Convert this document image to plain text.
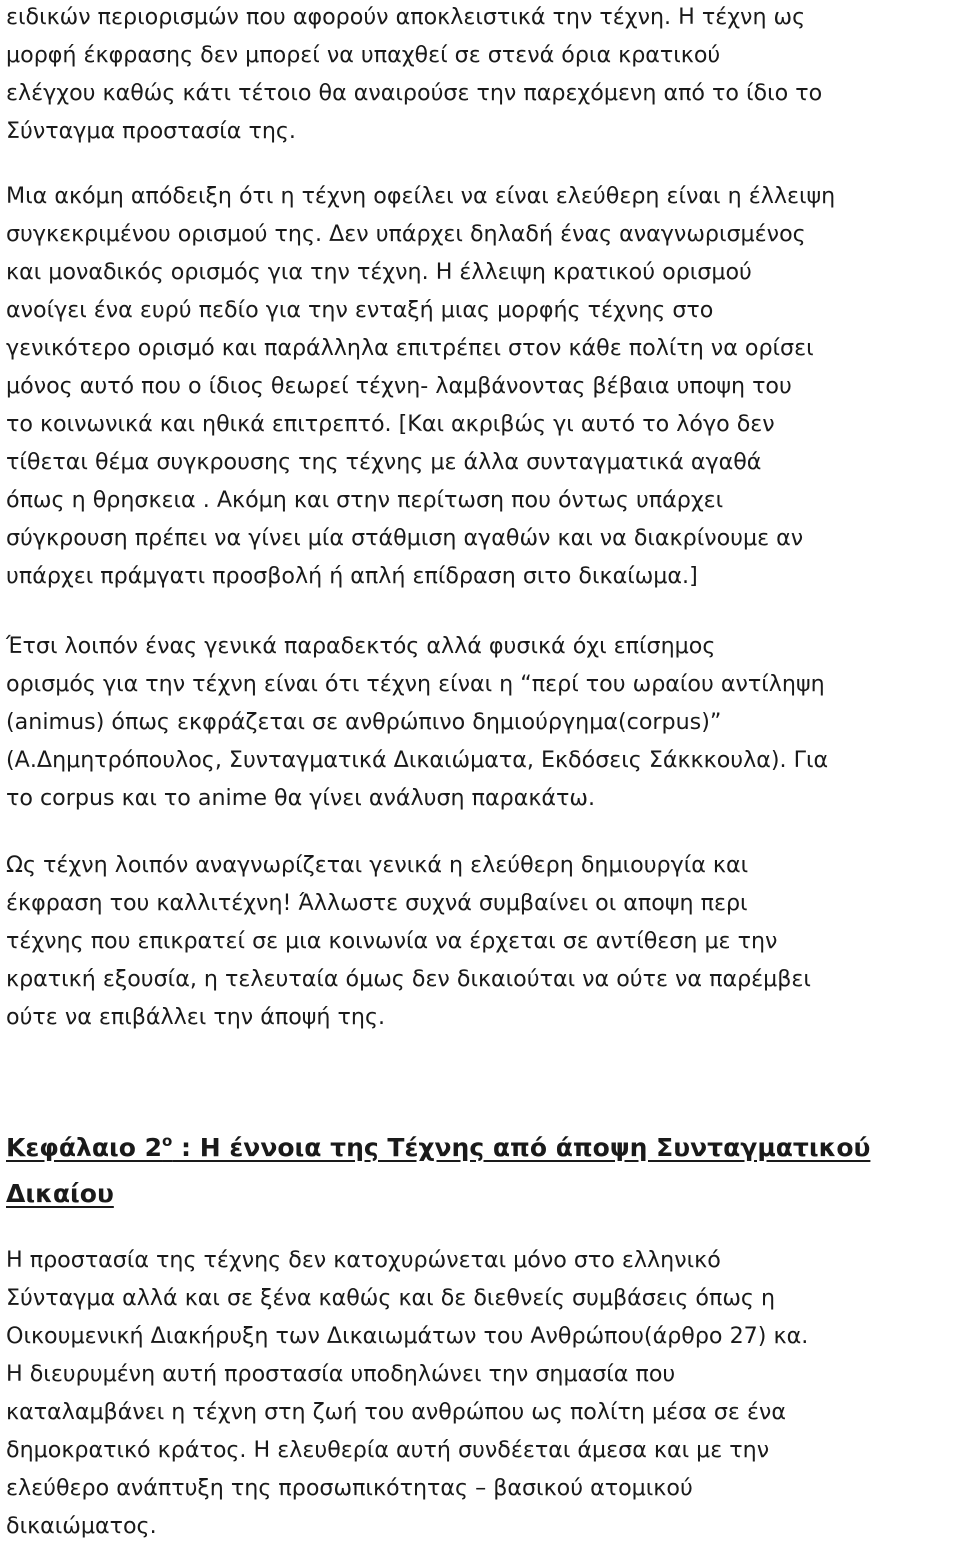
ειδικών περιορισμών που αφορούν αποκλειστικά την τέχνη. Η τέχνη ως

μορφή έκφρασης δεν μπορεί να υπαχθεί σε στενά όρια κρατικού

ελέγχου καθώς κάτι τέτοιο θα αναιρούσε την παρεχόμενη από το ίδιο το

Σύνταγμα προστασία της.

Μια ακόμη απόδειξη ότι η τέχνη οφείλει να είναι ελεύθερη είναι η έλλειψη

συγκεκριμένου ορισμού της. Δεν υπάρχει δηλαδή ένας αναγνωρισμένος

και μοναδικός ορισμός για την τέχνη. Η έλλειψη κρατικού ορισμού

ανοίγει ένα ευρύ πεδίο για την ενταξή μιας μορφής τέχνης στο

γενικότερο ορισμό και παράλληλα επιτρέπει στον κάθε πολίτη να ορίσει

μόνος αυτό που ο ίδιος θεωρεί τέχνη- λαμβάνοντας βέβαια υποψη του

το κοινωνικά και ηθικά επιτρεπτό. [Και ακριβώς γι αυτό το λόγο δεν

τίθεται θέμα συγκρουσης της τέχνης με άλλα συνταγματικά αγαθά

όπως η θρησκεια . Ακόμη και στην περίτωση που όντως υπάρχει

σύγκρουση πρέπει να γίνει μία στάθμιση αγαθών και να διακρίνουμε αν

υπάρχει πράμγατι προσβολή ή απλή επίδραση σιτο δικαίωμα.]

Έτσι λοιπόν ένας γενικά παραδεκτός αλλά φυσικά όχι επίσημος

ορισμός για την τέχνη είναι ότι τέχνη είναι η “περί του ωραίου αντίληψη

(animus) όπως εκφράζεται σε ανθρώπινο δημιούργημα(corpus)”

(Α.Δημητρόπουλος, Συνταγματικά Δικαιώματα, Εκδόσεις Σάκκκουλα). Για

το corpus και το anime θα γίνει ανάλυση παρακάτω.

Ως τέχνη λοιπόν αναγνωρίζεται γενικά η ελεύθερη δημιουργία και

έκφραση του καλλιτέχνη! Άλλωστε συχνά συμβαίνει οι αποψη περι

τέχνης που επικρατεί σε μια κοινωνία να έρχεται σε αντίθεση με την

κρατική εξουσία, η τελευταία όμως δεν δικαιούται να ούτε να παρέμβει

ούτε να επιβάλλει την άποψή της.

Κεφάλαιο $2^o$ : Η έννοια της Τέχνης από άποψη Συνταγματικού

Δικαίου

Η προστασία της τέχνης δεν κατοχυρώνεται μόνο στο ελληνικό

Σύνταγμα αλλά και σε ξένα καθώς και δε διεθνείς συμβάσεις όπως η

Οικουμενική Διακήρυξη των Δικαιωμάτων του Ανθρώπου(άρθρο 27) κα.

Η διευρυμένη αυτή προστασία υποδηλώνει την σημασία που

καταλαμβάνει η τέχνη στη ζωή του ανθρώπου ως πολίτη μέσα σε ένα

δημοκρατικό κράτος. Η ελευθερία αυτή συνδέεται άμεσα και με την

ελεύθερο ανάπτυξη της προσωπικότητας – βασικού ατομικού

δικαιώματος.
